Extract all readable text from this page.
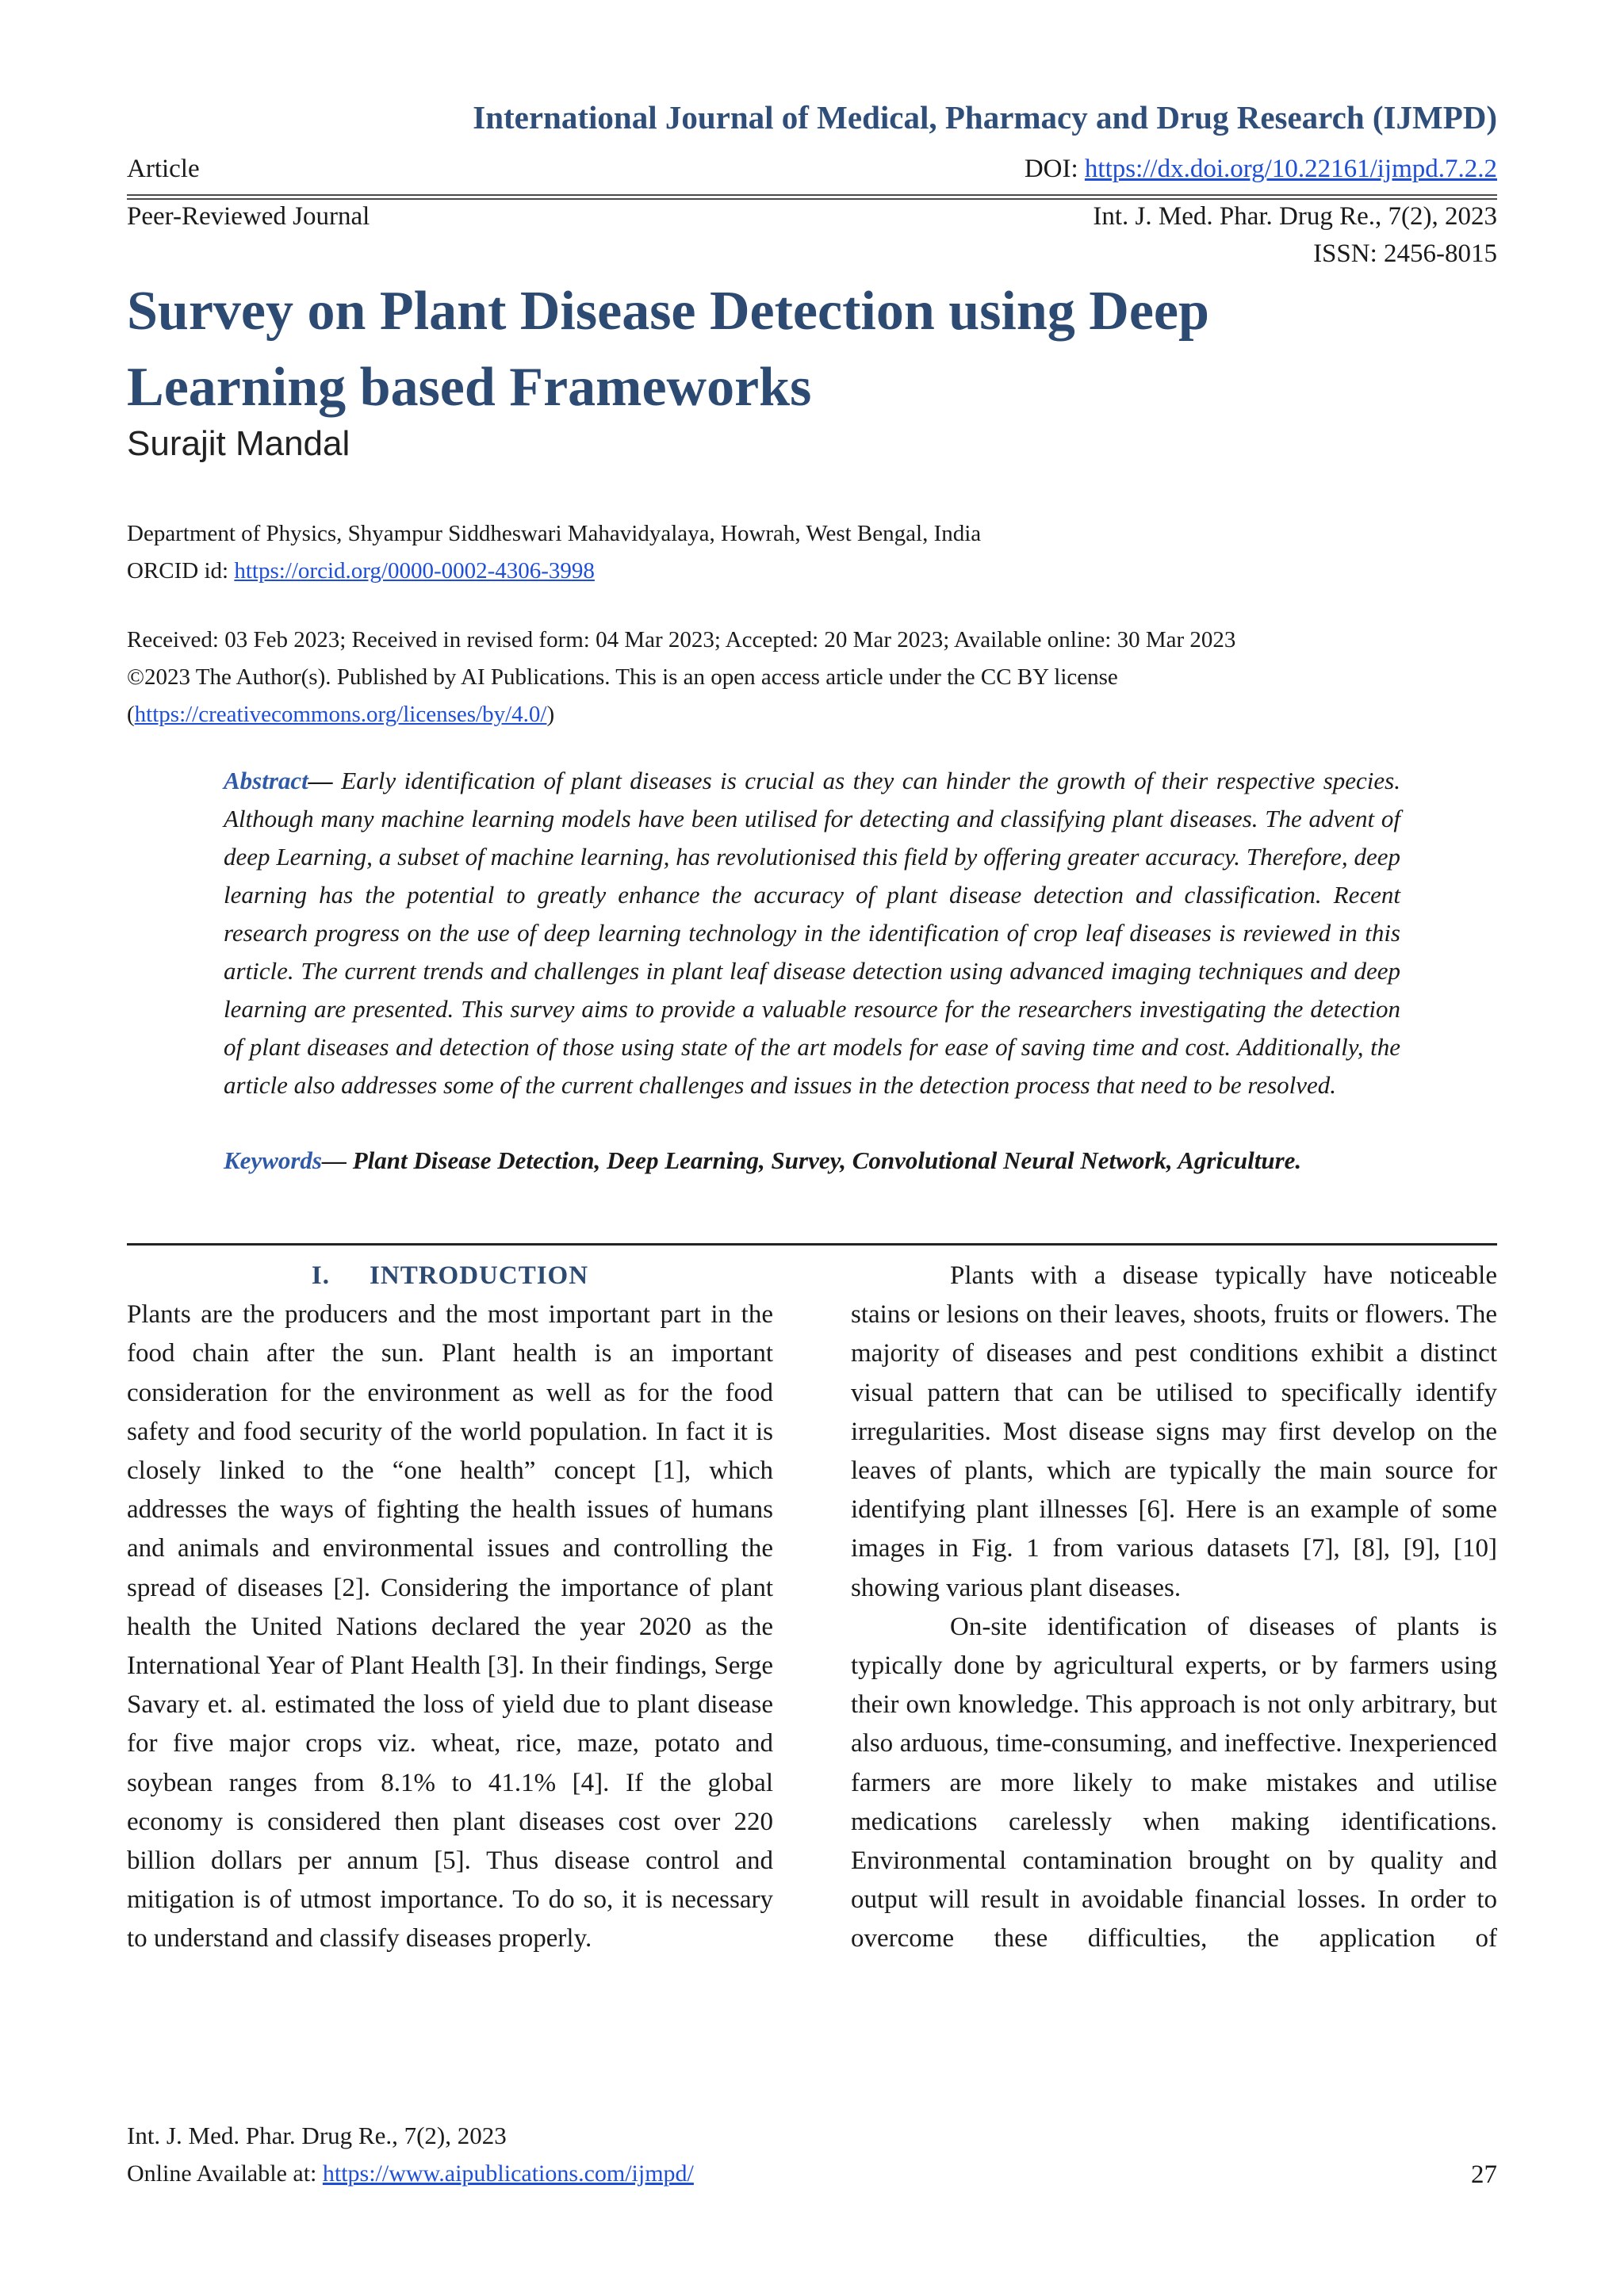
International Journal of Medical, Pharmacy and Drug Research (IJMPD)
Article	DOI: https://dx.doi.org/10.22161/ijmpd.7.2.2
Peer-Reviewed Journal	Int. J. Med. Phar. Drug Re., 7(2), 2023
ISSN: 2456-8015
Survey on Plant Disease Detection using Deep
Learning based Frameworks
Surajit Mandal
Department of Physics, Shyampur Siddheswari Mahavidyalaya, Howrah, West Bengal, India
ORCID id: https://orcid.org/0000-0002-4306-3998
Received: 03 Feb 2023; Received in revised form: 04 Mar 2023; Accepted: 20 Mar 2023; Available online: 30 Mar 2023
©2023 The Author(s). Published by AI Publications. This is an open access article under the CC BY license
(https://creativecommons.org/licenses/by/4.0/)
Abstract— Early identification of plant diseases is crucial as they can hinder the growth of their respective species. Although many machine learning models have been utilised for detecting and classifying plant diseases. The advent of deep Learning, a subset of machine learning, has revolutionised this field by offering greater accuracy. Therefore, deep learning has the potential to greatly enhance the accuracy of plant disease detection and classification. Recent research progress on the use of deep learning technology in the identification of crop leaf diseases is reviewed in this article. The current trends and challenges in plant leaf disease detection using advanced imaging techniques and deep learning are presented. This survey aims to provide a valuable resource for the researchers investigating the detection of plant diseases and detection of those using state of the art models for ease of saving time and cost. Additionally, the article also addresses some of the current challenges and issues in the detection process that need to be resolved.
Keywords— Plant Disease Detection, Deep Learning, Survey, Convolutional Neural Network, Agriculture.
I. INTRODUCTION

Plants are the producers and the most important part in the food chain after the sun. Plant health is an important consideration for the environment as well as for the food safety and food security of the world population. In fact it is closely linked to the “one health” concept [1], which addresses the ways of fighting the health issues of humans and animals and environmental issues and controlling the spread of diseases [2]. Considering the importance of plant health the United Nations declared the year 2020 as the International Year of Plant Health [3]. In their findings, Serge Savary et. al. estimated the loss of yield due to plant disease for five major crops viz. wheat, rice, maze, potato and soybean ranges from 8.1% to 41.1% [4]. If the global economy is considered then plant diseases cost over 220 billion dollars per annum [5]. Thus disease control and mitigation is of utmost importance. To do so, it is necessary to understand and classify diseases properly.

Plants with a disease typically have noticeable stains or lesions on their leaves, shoots, fruits or flowers. The majority of diseases and pest conditions exhibit a distinct visual pattern that can be utilised to specifically identify irregularities. Most disease signs may first develop on the leaves of plants, which are typically the main source for identifying plant illnesses [6]. Here is an example of some images in Fig. 1 from various datasets [7], [8], [9], [10] showing various plant diseases.

On-site identification of diseases of plants is typically done by agricultural experts, or by farmers using their own knowledge. This approach is not only arbitrary, but also arduous, time-consuming, and ineffective. Inexperienced farmers are more likely to make mistakes and utilise medications carelessly when making identifications. Environmental contamination brought on by quality and output will result in avoidable financial losses. In order to overcome these difficulties, the application of

Int. J. Med. Phar. Drug Re., 7(2), 2023
Online Available at: https://www.aipublications.com/ijmpd/	27
